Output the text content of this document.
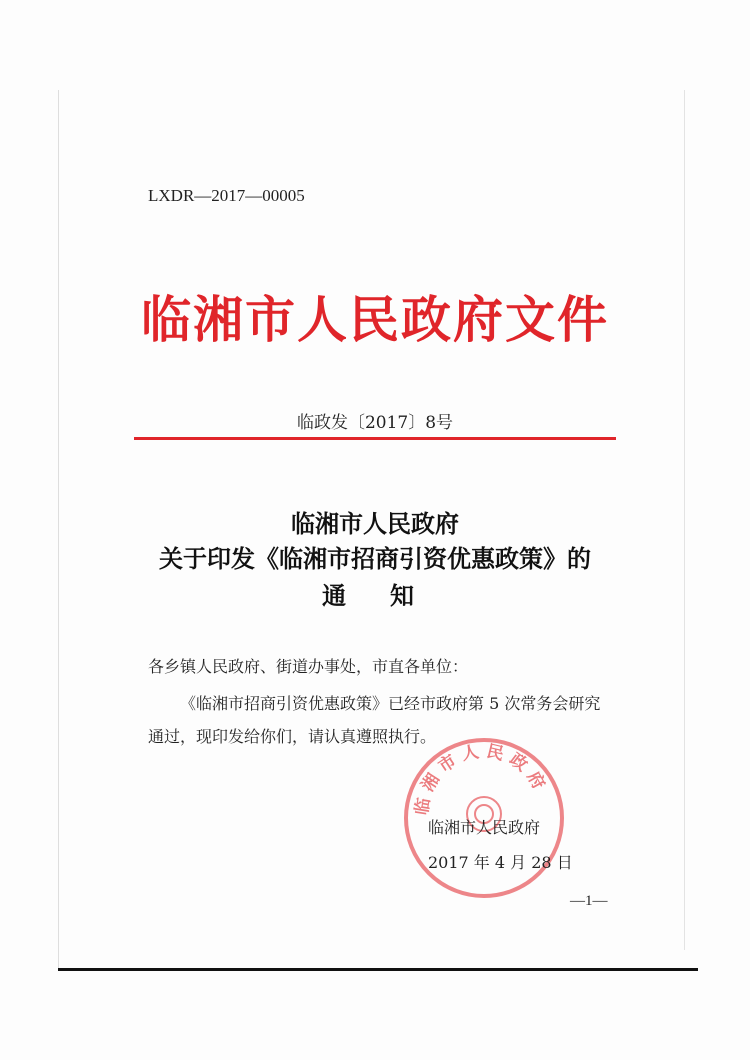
LXDR—2017—00005
临湘市人民政府文件
临政发〔2017〕8号
临湘市人民政府
关于印发《临湘市招商引资优惠政策》的
通知
各乡镇人民政府、街道办事处，市直各单位：
《临湘市招商引资优惠政策》已经市政府第 5 次常务会研究通过，现印发给你们，请认真遵照执行。
临湘市人民政府
临湘市人民政府
2017 年 4 月 28 日
—1—
